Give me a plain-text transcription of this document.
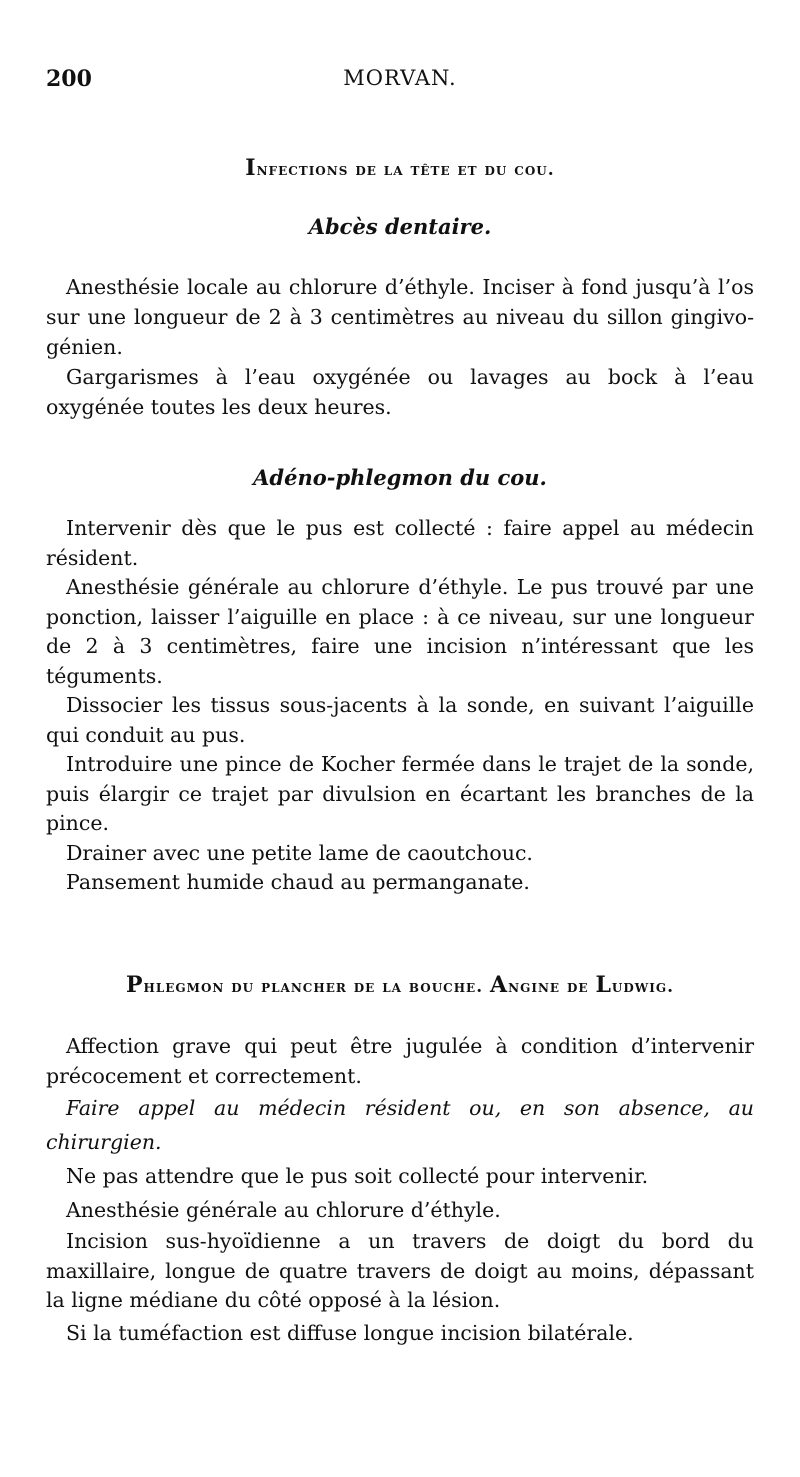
200	MORVAN.
Infections de la tête et du cou.
Abcès dentaire.

Anesthésie locale au chlorure d’éthyle. Inciser à fond jusqu’à l’os sur une longueur de 2 à 3 centimètres au niveau du sillon gingivo-génien.

Gargarismes à l’eau oxygénée ou lavages au bock à l’eau oxygénée toutes les deux heures.

Adéno-phlegmon du cou.

Intervenir dès que le pus est collecté : faire appel au médecin résident.

Anesthésie générale au chlorure d’éthyle. Le pus trouvé par une ponction, laisser l’aiguille en place : à ce niveau, sur une longueur de 2 à 3 centimètres, faire une incision n’intéressant que les téguments.

Dissocier les tissus sous-jacents à la sonde, en suivant l’aiguille qui conduit au pus.

Introduire une pince de Kocher fermée dans le trajet de la sonde, puis élargir ce trajet par divulsion en écartant les branches de la pince.

Drainer avec une petite lame de caoutchouc.

Pansement humide chaud au permanganate.

Phlegmon du plancher de la bouche. Angine de Ludwig.

Affection grave qui peut être jugulée à condition d’intervenir précocement et correctement.

Faire appel au médecin résident ou, en son absence, au chirurgien.

Ne pas attendre que le pus soit collecté pour intervenir.

Anesthésie générale au chlorure d’éthyle.

Incision sus-hyoïdienne a un travers de doigt du bord du maxillaire, longue de quatre travers de doigt au moins, dépassant la ligne médiane du côté opposé à la lésion.

Si la tuméfaction est diffuse longue incision bilatérale.
